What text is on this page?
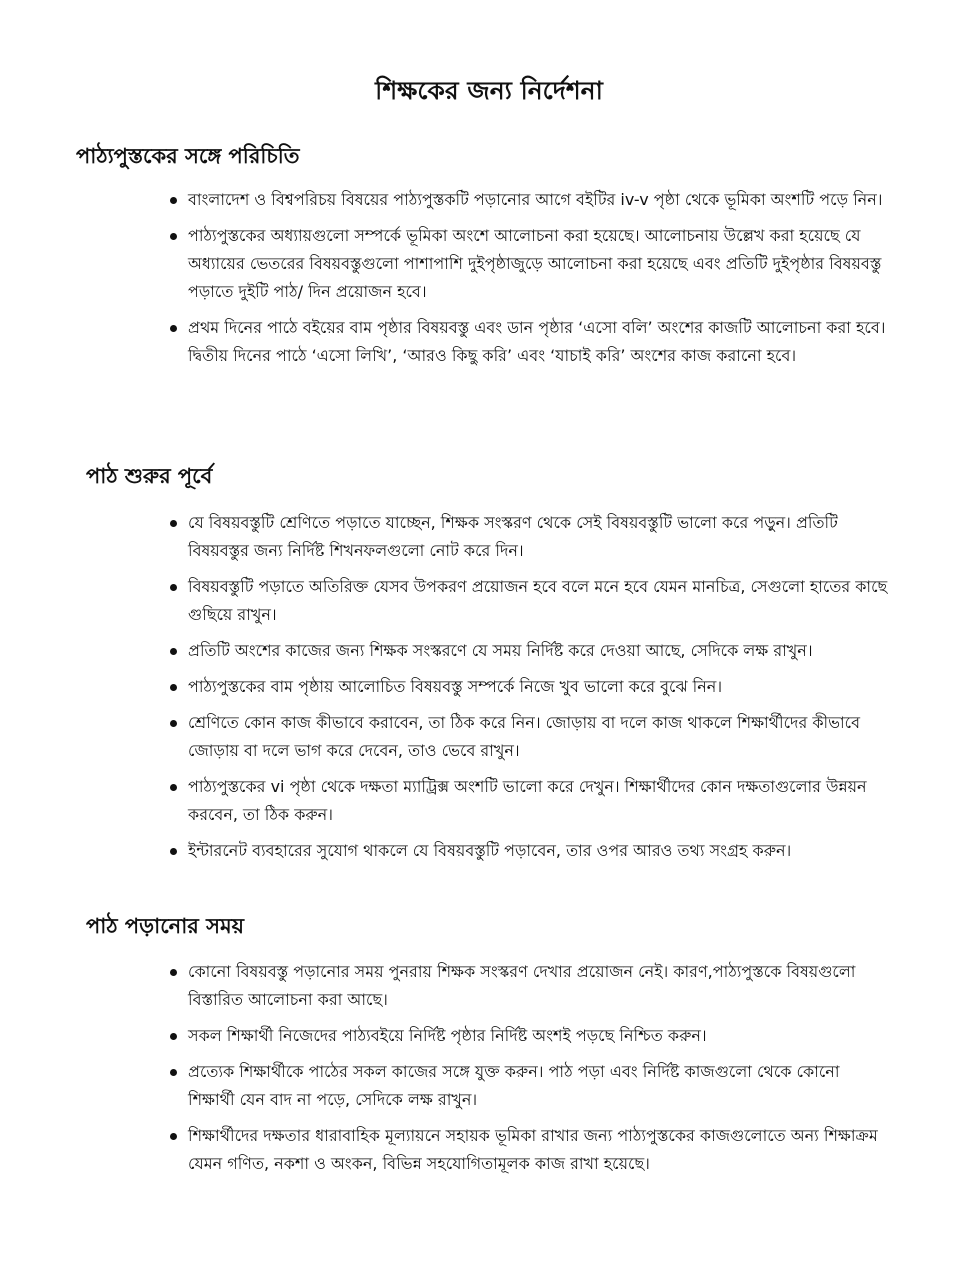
শিক্ষকের জন্য নির্দেশনা
পাঠ্যপুস্তকের সঙ্গে পরিচিতি
বাংলাদেশ ও বিশ্বপরিচয় বিষয়ের পাঠ্যপুস্তকটি পড়ানোর আগে বইটির iv-v পৃষ্ঠা থেকে ভূমিকা অংশটি পড়ে নিন।
পাঠ্যপুস্তকের অধ্যায়গুলো সম্পর্কে ভূমিকা অংশে আলোচনা করা হয়েছে। আলোচনায় উল্লেখ করা হয়েছে যে অধ্যায়ের ভেতরের বিষয়বস্তুগুলো পাশাপাশি দুইপৃষ্ঠাজুড়ে আলোচনা করা হয়েছে এবং প্রতিটি দুইপৃষ্ঠার বিষয়বস্তু পড়াতে দুইটি পাঠ/ দিন প্রয়োজন হবে।
প্রথম দিনের পাঠে বইয়ের বাম পৃষ্ঠার বিষয়বস্তু এবং ডান পৃষ্ঠার ‘এসো বলি’ অংশের কাজটি আলোচনা করা হবে। দ্বিতীয় দিনের পাঠে ‘এসো লিখি’, ‘আরও কিছু করি’ এবং ‘যাচাই করি’ অংশের কাজ করানো হবে।
পাঠ শুরুর পূর্বে
যে বিষয়বস্তুটি শ্রেণিতে পড়াতে যাচ্ছেন, শিক্ষক সংস্করণ থেকে সেই বিষয়বস্তুটি ভালো করে পড়ুন। প্রতিটি বিষয়বস্তুর জন্য নির্দিষ্ট শিখনফলগুলো নোট করে দিন।
বিষয়বস্তুটি পড়াতে অতিরিক্ত যেসব উপকরণ প্রয়োজন হবে বলে মনে হবে যেমন মানচিত্র, সেগুলো হাতের কাছে গুছিয়ে রাখুন।
প্রতিটি অংশের কাজের জন্য শিক্ষক সংস্করণে যে সময় নির্দিষ্ট করে দেওয়া আছে, সেদিকে লক্ষ রাখুন।
পাঠ্যপুস্তকের বাম পৃষ্ঠায় আলোচিত বিষয়বস্তু সম্পর্কে নিজে খুব ভালো করে বুঝে নিন।
শ্রেণিতে কোন কাজ কীভাবে করাবেন, তা ঠিক করে নিন। জোড়ায় বা দলে কাজ থাকলে শিক্ষার্থীদের কীভাবে জোড়ায় বা দলে ভাগ করে দেবেন, তাও ভেবে রাখুন।
পাঠ্যপুস্তকের vi পৃষ্ঠা থেকে দক্ষতা ম্যাট্রিক্স অংশটি ভালো করে দেখুন। শিক্ষার্থীদের কোন দক্ষতাগুলোর উন্নয়ন করবেন, তা ঠিক করুন।
ইন্টারনেট ব্যবহারের সুযোগ থাকলে যে বিষয়বস্তুটি পড়াবেন, তার ওপর আরও তথ্য সংগ্রহ করুন।
পাঠ পড়ানোর সময়
কোনো বিষয়বস্তু পড়ানোর সময় পুনরায় শিক্ষক সংস্করণ দেখার প্রয়োজন নেই। কারণ,পাঠ্যপুস্তকে বিষয়গুলো বিস্তারিত আলোচনা করা আছে।
সকল শিক্ষার্থী নিজেদের পাঠ্যবইয়ে নির্দিষ্ট পৃষ্ঠার নির্দিষ্ট অংশই পড়ছে নিশ্চিত করুন।
প্রত্যেক শিক্ষার্থীকে পাঠের সকল কাজের সঙ্গে যুক্ত করুন। পাঠ পড়া এবং নির্দিষ্ট কাজগুলো থেকে কোনো শিক্ষার্থী যেন বাদ না পড়ে, সেদিকে লক্ষ রাখুন।
শিক্ষার্থীদের দক্ষতার ধারাবাহিক মূল্যায়নে সহায়ক ভূমিকা রাখার জন্য পাঠ্যপুস্তকের কাজগুলোতে অন্য শিক্ষাক্রম যেমন গণিত, নকশা ও অংকন, বিভিন্ন সহযোগিতামূলক কাজ রাখা হয়েছে।
